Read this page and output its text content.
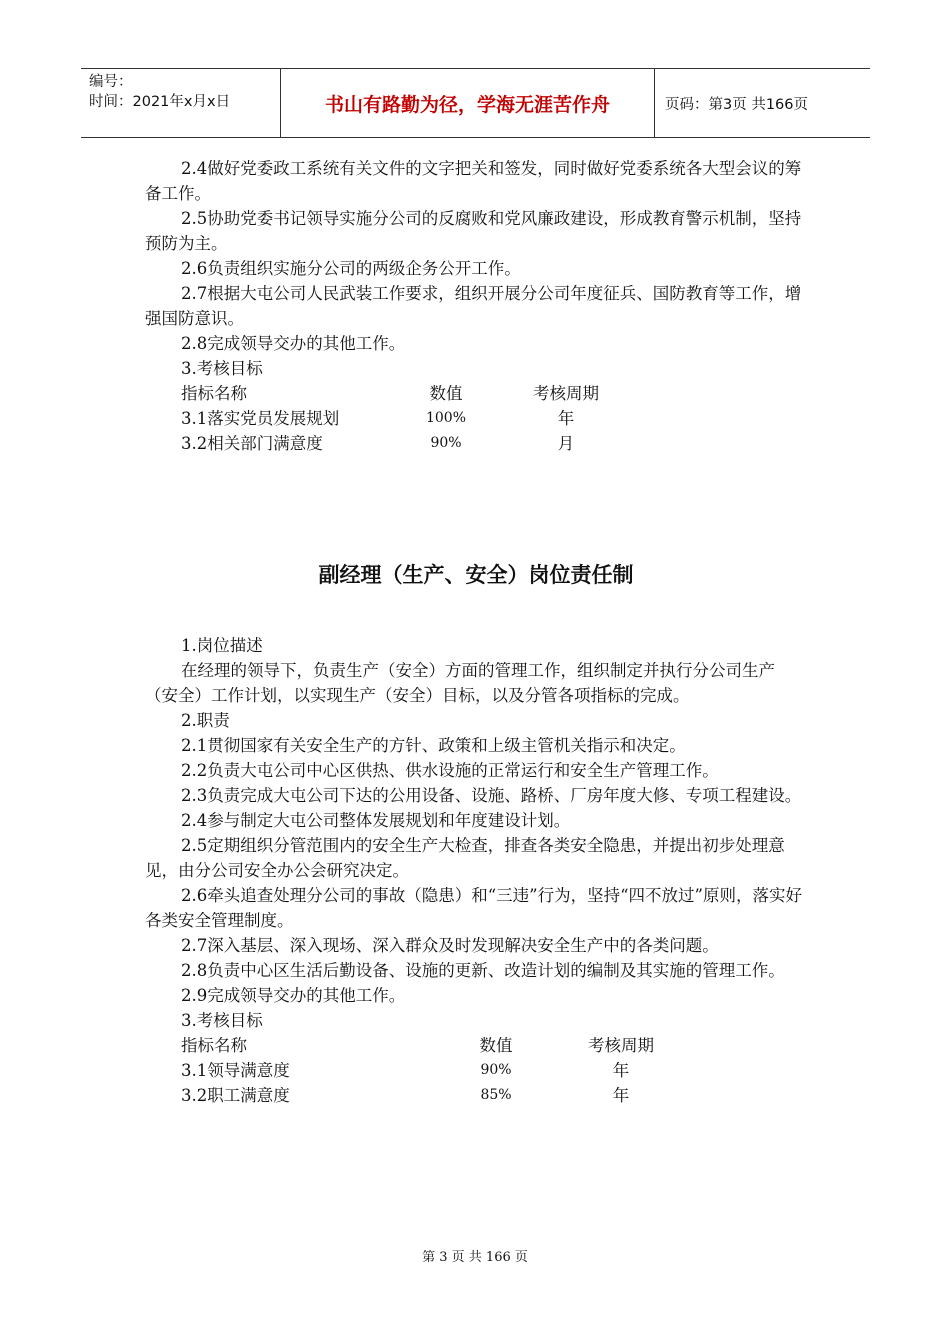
编号：
时间：2021年x月x日	书山有路勤为径，学海无涯苦作舟	页码：第3页 共166页

2.4做好党委政工系统有关文件的文字把关和签发，同时做好党委系统各大型会议的筹备工作。

2.5协助党委书记领导实施分公司的反腐败和党风廉政建设，形成教育警示机制，坚持预防为主。

2.6负责组织实施分公司的两级企务公开工作。

2.7根据大屯公司人民武装工作要求，组织开展分公司年度征兵、国防教育等工作，增强国防意识。

2.8完成领导交办的其他工作。

3.考核目标

	指标名称	数值	考核周期
3.1落实党员发展规划		100%	年
3.2相关部门满意度		90%	月
副经理（生产、安全）岗位责任制

1.岗位描述

在经理的领导下，负责生产（安全）方面的管理工作，组织制定并执行分公司生产（安全）工作计划，以实现生产（安全）目标，以及分管各项指标的完成。

2.职责

2.1贯彻国家有关安全生产的方针、政策和上级主管机关指示和决定。

2.2负责大屯公司中心区供热、供水设施的正常运行和安全生产管理工作。

2.3负责完成大屯公司下达的公用设备、设施、路桥、厂房年度大修、专项工程建设。

2.4参与制定大屯公司整体发展规划和年度建设计划。

2.5定期组织分管范围内的安全生产大检查，排查各类安全隐患，并提出初步处理意见，由分公司安全办公会研究决定。

2.6牵头追查处理分公司的事故（隐患）和“三违”行为，坚持“四不放过”原则，落实好各类安全管理制度。

2.7深入基层、深入现场、深入群众及时发现解决安全生产中的各类问题。

2.8负责中心区生活后勤设备、设施的更新、改造计划的编制及其实施的管理工作。

2.9完成领导交办的其他工作。

3.考核目标

	指标名称	数值	考核周期
3.1领导满意度		90%	年
3.2职工满意度		85%	年
第 3 页 共 166 页
